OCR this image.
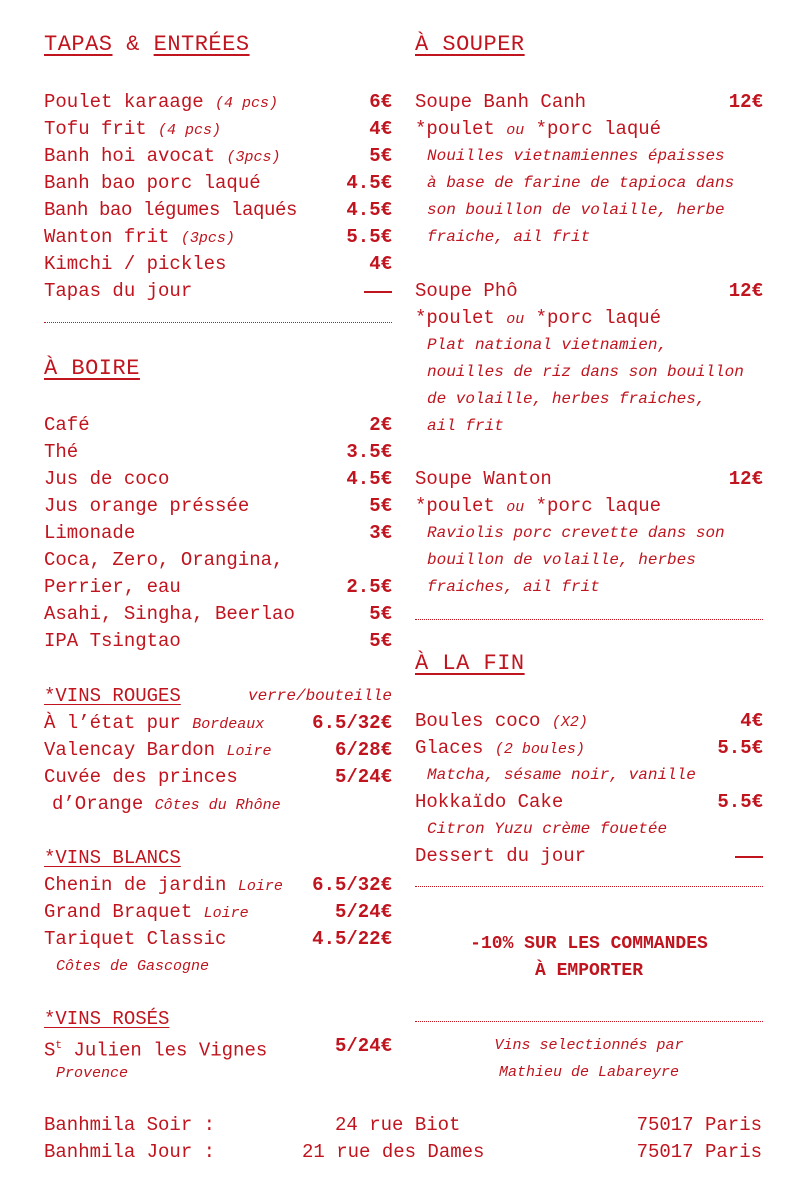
TAPAS & ENTRÉES
Poulet karaage (4 pcs)	6€
Tofu frit (4 pcs)	4€
Banh hoi avocat (3pcs)	5€
Banh bao porc laqué	4.5€
Banh bao légumes laqués	4.5€
Wanton frit (3pcs)	5.5€
Kimchi / pickles	4€
Tapas du jour
À BOIRE
Café	2€
Thé	3.5€
Jus de coco	4.5€
Jus orange préssée	5€
Limonade	3€
Coca, Zero, Orangina,
Perrier, eau	2.5€
Asahi, Singha, Beerlao	5€
IPA Tsingtao	5€
*VINS ROUGES	verre/bouteille
À l’état pur Bordeaux	6.5/32€
Valencay Bardon Loire	6/28€
Cuvée des princes	5/24€
d’Orange Côtes du Rhône
*VINS BLANCS
Chenin de jardin Loire 6.5/32€
Grand Braquet Loire	5/24€
Tariquet Classic	4.5/22€
Côtes de Gascogne
*VINS ROSÉS
$S^t$ Julien les Vignes	5/24€
Provence
À SOUPER
Soupe Banh Canh	12€
*poulet ou *porc laqué
Nouilles vietnamiennes épaisses
à base de farine de tapioca dans
son bouillon de volaille, herbe
fraiche, ail frit
Soupe Phô	12€
*poulet ou *porc laqué
Plat national vietnamien,
nouilles de riz dans son bouillon
de volaille, herbes fraiches,
ail frit
Soupe Wanton	12€
*poulet ou *porc laque
Raviolis porc crevette dans son
bouillon de volaille, herbes
fraiches, ail frit
À LA FIN
Boules coco (X2)	4€
Glaces (2 boules)	5.5€
Matcha, sésame noir, vanille
Hokkaïdo Cake	5.5€
Citron Yuzu crème fouetée
Dessert du jour
-10% SUR LES COMMANDES
À EMPORTER
Vins selectionnés par
Mathieu de Labareyre
Banhmila Soir :	24 rue Biot	75017 Paris
Banhmila Jour :	21 rue des Dames	75017 Paris
